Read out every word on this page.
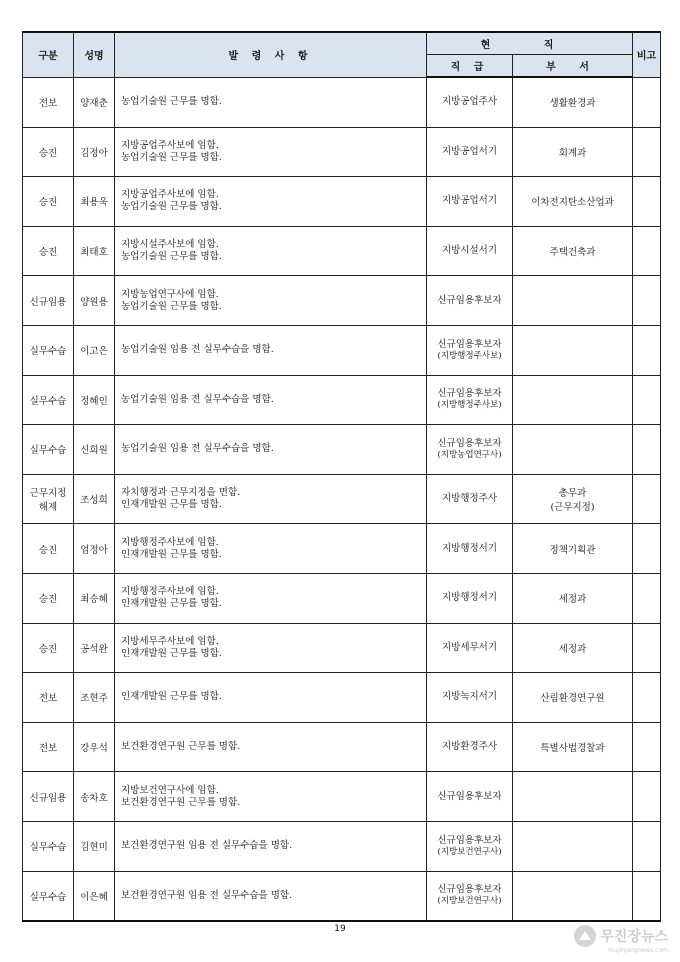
구분	성명	발 령 사 항	현 직		비고
			직 급	부 서	

전보	양재춘	농업기술원 근무를 명함.	지방공업주사	생활환경과	

승진	김정아	지방공업주사보에 임함.
농업기술원 근무를 명함.	지방공업서기	회계과	

승진	최용욱	지방공업주사보에 임함.
농업기술원 근무를 명함.	지방공업서기	이차전지탄소산업과	

승진	최태호	지방시설주사보에 임함.
농업기술원 근무를 명함.	지방시설서기	주택건축과	

신규임용	양원용	지방농업연구사에 임함.
농업기술원 근무를 명함.	신규임용후보자		

실무수습	이고은	농업기술원 임용 전 실무수습을 명함.	신규임용후보자
(지방행정주사보)		

실무수습	정혜인	농업기술원 임용 전 실무수습을 명함.	신규임용후보자
(지방행정주사보)		

실무수습	신희원	농업기술원 임용 전 실무수습을 명함.	신규임용후보자
(지방농업연구사)		

근무지정
해제	조성희	자치행정과 근무지정을 면함.
인재개발원 근무를 명함.	지방행정주사	총무과
(근무지정)	

승진	엄정아	지방행정주사보에 임함.
인재개발원 근무를 명함.	지방행정서기	정책기획관	

승진	최승혜	지방행정주사보에 임함.
인재개발원 근무를 명함.	지방행정서기	세정과	

승진	공석완	지방세무주사보에 임함.
인재개발원 근무를 명함.	지방세무서기	세정과	

전보	조현주	인재개발원 근무를 명함.	지방녹지서기	산림환경연구원	

전보	강우석	보건환경연구원 근무를 명함.	지방환경주사	특별사법경찰과	

신규임용	송차호	지방보건연구사에 임함.
보건환경연구원 근무를 명함.	신규임용후보자		

실무수습	김현미	보건환경연구원 임용 전 실무수습을 명함.	신규임용후보자
(지방보건연구사)		

실무수습	이은혜	보건환경연구원 임용 전 실무수습을 명함.	신규임용후보자
(지방보건연구사)		

19	무진장뉴스
mujinjangnews.com
